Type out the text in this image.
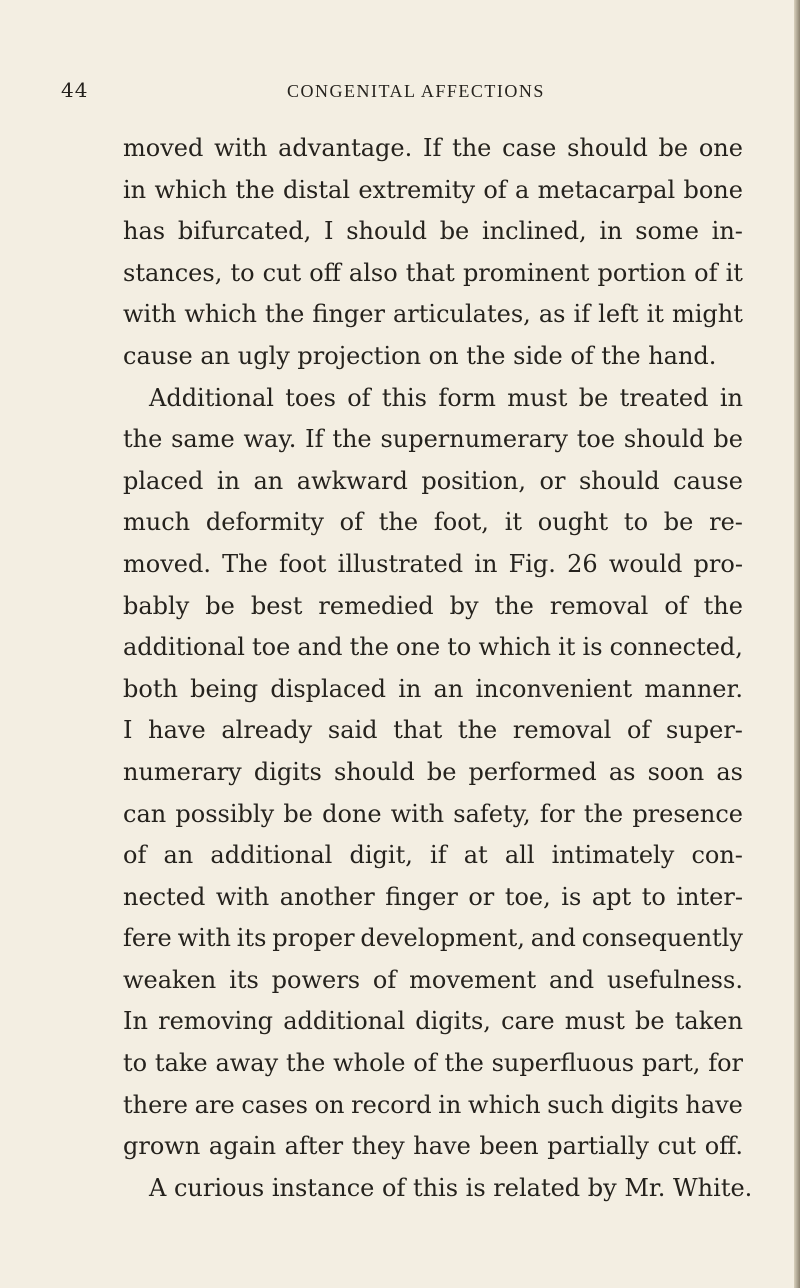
44	CONGENITAL AFFECTIONS
moved with advantage. If the case should be one
in which the distal extremity of a metacarpal bone
has bifurcated, I should be inclined, in some in-
stances, to cut off also that prominent portion of it
with which the finger articulates, as if left it might
cause an ugly projection on the side of the hand.
Additional toes of this form must be treated in
the same way. If the supernumerary toe should be
placed in an awkward position, or should cause
much deformity of the foot, it ought to be re-
moved. The foot illustrated in Fig. 26 would pro-
bably be best remedied by the removal of the
additional toe and the one to which it is connected,
both being displaced in an inconvenient manner.
I have already said that the removal of super-
numerary digits should be performed as soon as
can possibly be done with safety, for the presence
of an additional digit, if at all intimately con-
nected with another finger or toe, is apt to inter-
fere with its proper development, and consequently
weaken its powers of movement and usefulness.
In removing additional digits, care must be taken
to take away the whole of the superfluous part, for
there are cases on record in which such digits have
grown again after they have been partially cut off.
A curious instance of this is related by Mr. White.
